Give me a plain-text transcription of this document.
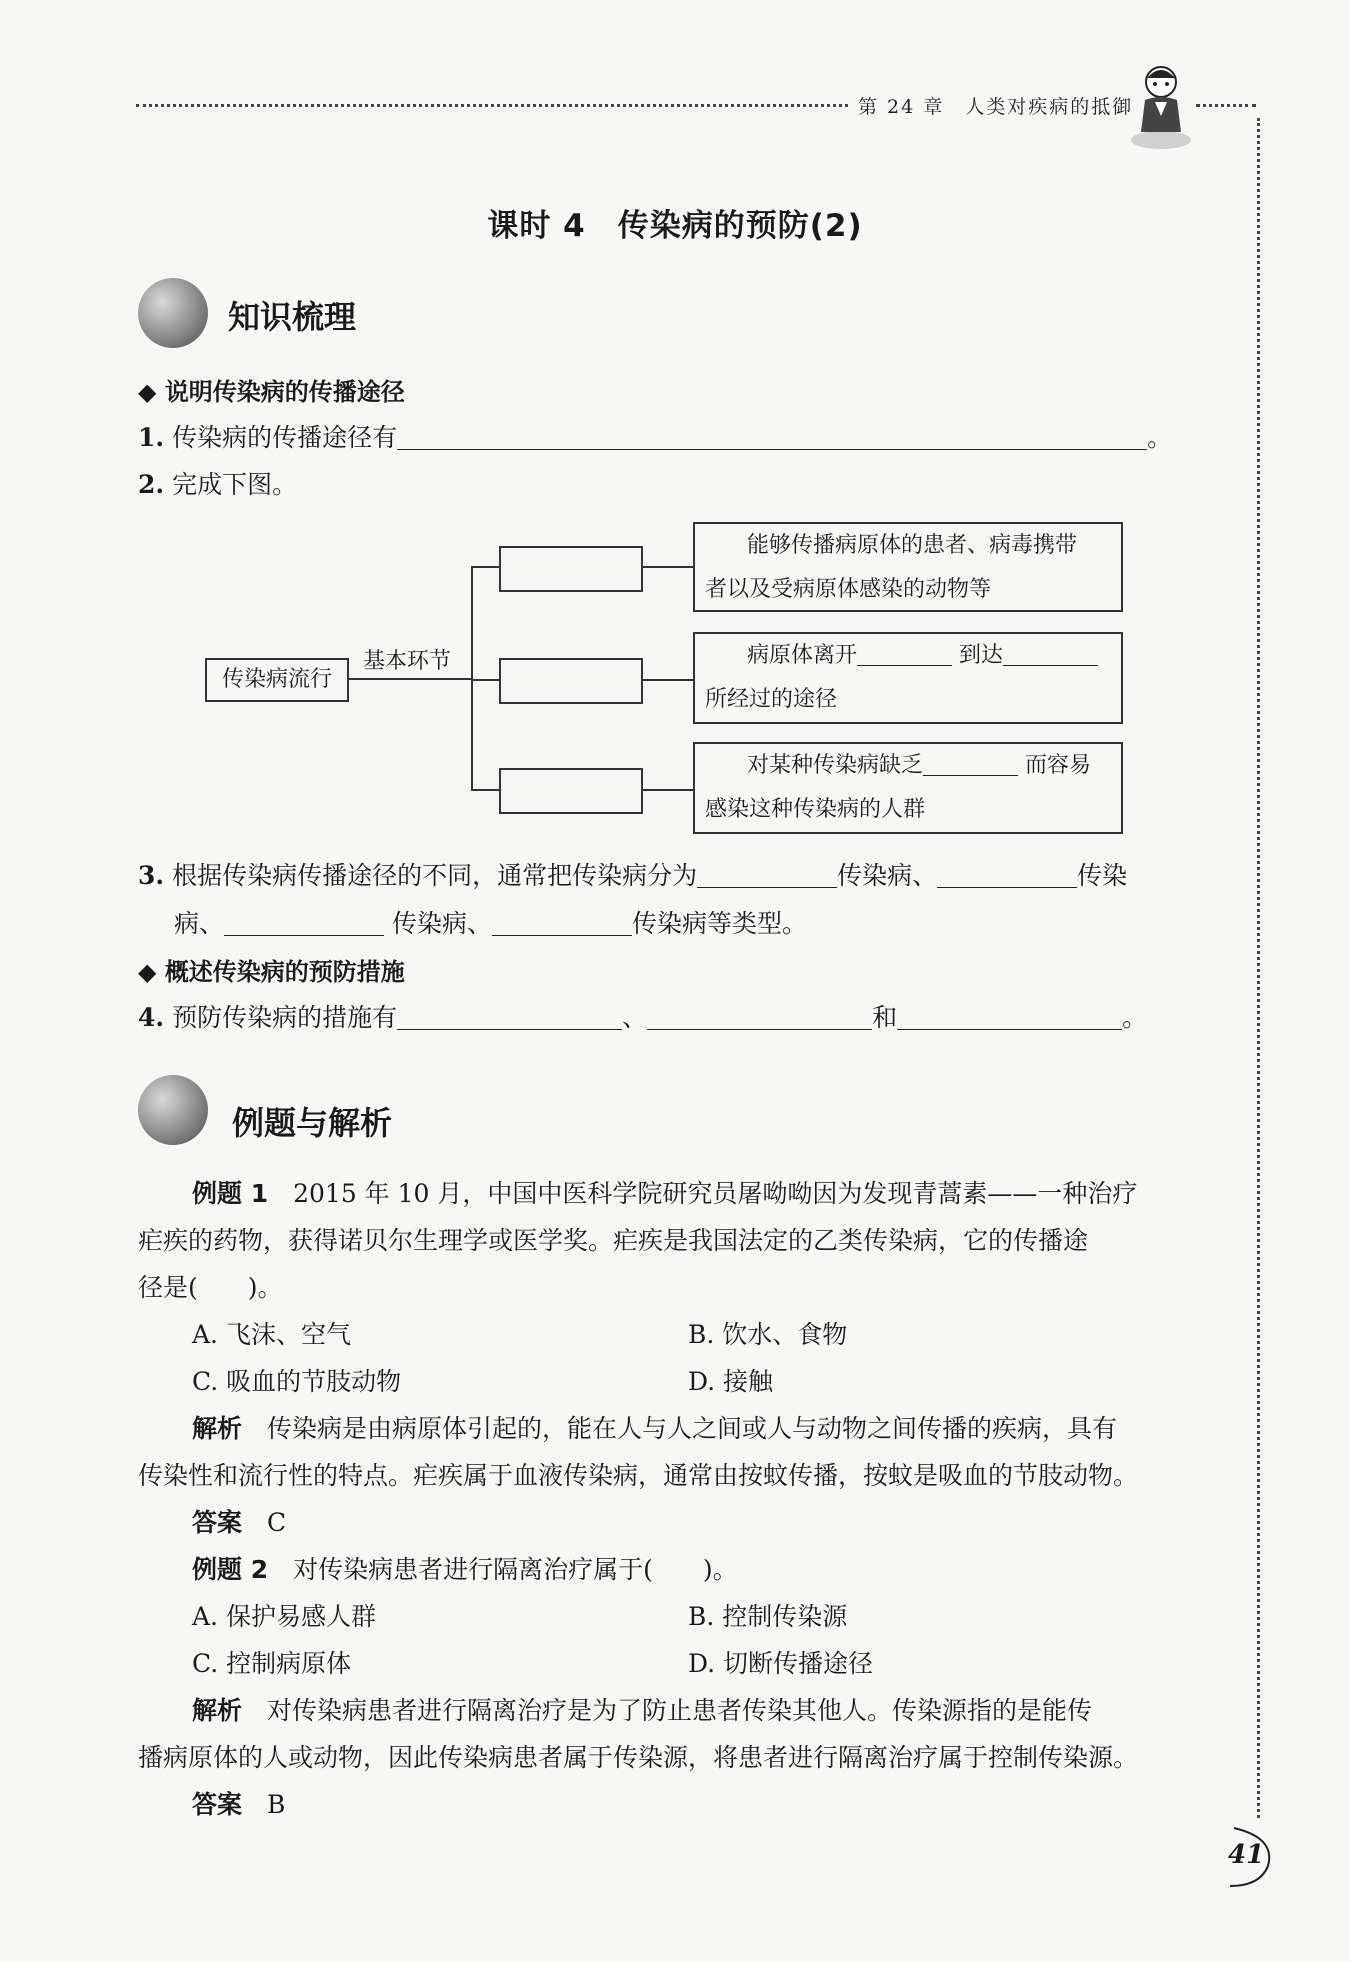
第 24 章　人类对疾病的抵御
课时 4　传染病的预防(2)
知识梳理
◆ 说明传染病的传播途径
1. 传染病的传播途径有	。
2. 完成下图。
传染病流行
基本环节
能够传播病原体的患者、病毒携带
者以及受病原体感染的动物等
病原体离开	到达
所经过的途径
对某种传染病缺乏	而容易
感染这种传染病的人群
3. 根据传染病传播途径的不同，通常把传染病分为	传染病、	传染
病、	传染病、	传染病等类型。
◆ 概述传染病的预防措施
4. 预防传染病的措施有	、	和	。
例题与解析
例题 1　2015 年 10 月，中国中医科学院研究员屠呦呦因为发现青蒿素——一种治疗
疟疾的药物，获得诺贝尔生理学或医学奖。疟疾是我国法定的乙类传染病，它的传播途
径是(　　)。
A. 飞沫、空气	B. 饮水、食物
C. 吸血的节肢动物	D. 接触
解析　传染病是由病原体引起的，能在人与人之间或人与动物之间传播的疾病，具有
传染性和流行性的特点。疟疾属于血液传染病，通常由按蚊传播，按蚊是吸血的节肢动物。
答案　 C
例题 2　对传染病患者进行隔离治疗属于(　　)。
A. 保护易感人群	B. 控制传染源
C. 控制病原体	D. 切断传播途径
解析　对传染病患者进行隔离治疗是为了防止患者传染其他人。传染源指的是能传
播病原体的人或动物，因此传染病患者属于传染源，将患者进行隔离治疗属于控制传染源。
答案　 B
41
